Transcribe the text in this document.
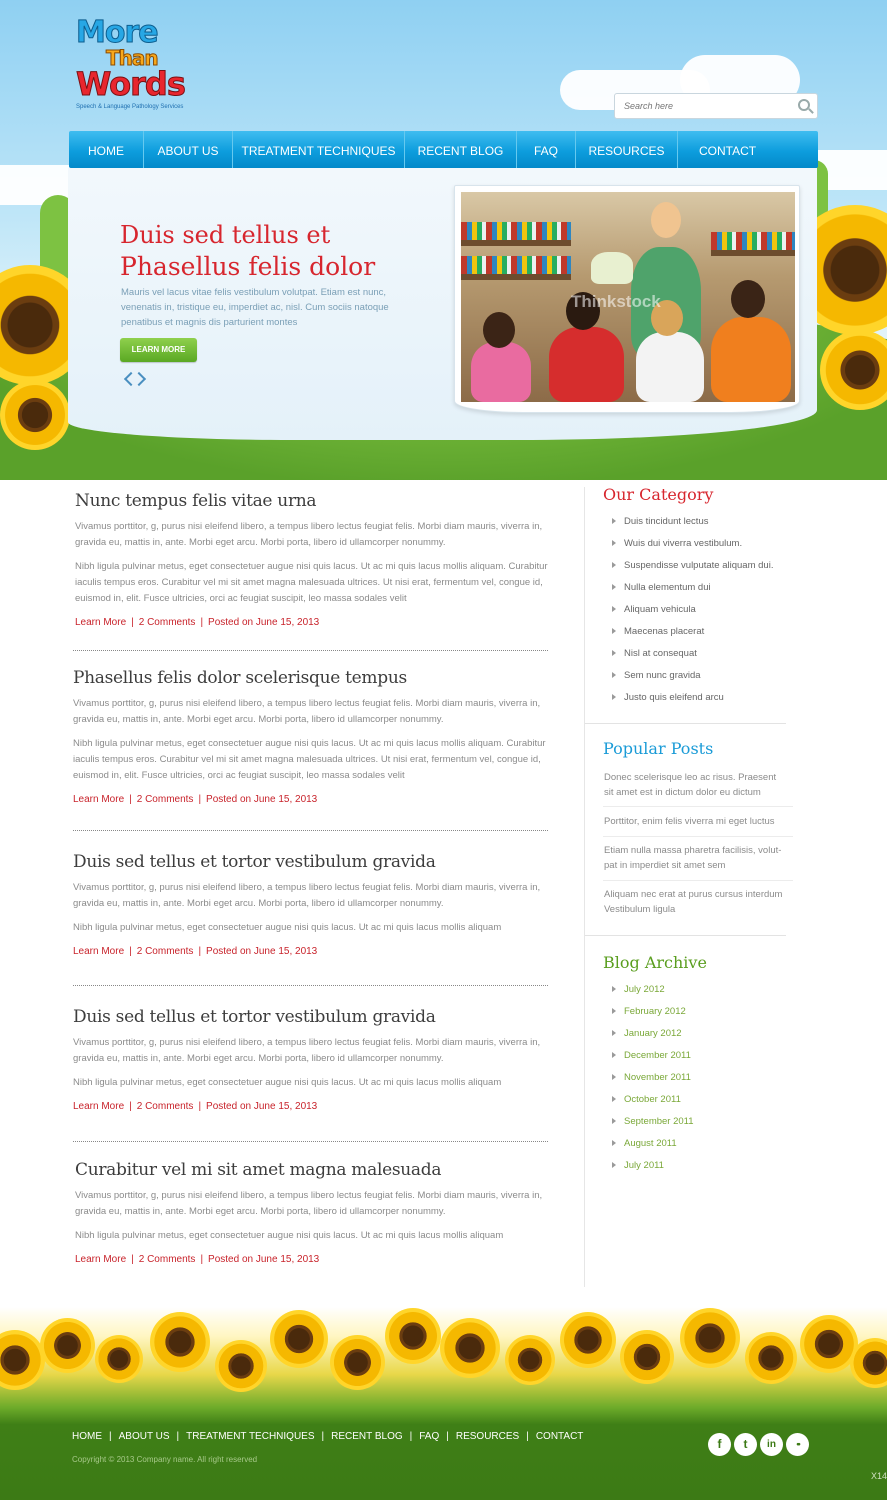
More
Than
Words
Speech & Language Pathology Services
Search here
HOME	ABOUT US	TREATMENT TECHNIQUES	RECENT BLOG	FAQ	RESOURCES	CONTACT
Duis sed tellus et
Phasellus felis dolor
Mauris vel lacus vitae felis vestibulum volutpat. Etiam est nunc, venenatis in, tristique eu, imperdiet ac, nisl. Cum sociis natoque penatibus et magnis dis parturient montes
LEARN MORE
Thinkstock
Nunc tempus felis vitae urna

Vivamus porttitor, g, purus nisi eleifend libero, a tempus libero lectus feugiat felis. Morbi diam mauris, viverra in, gravida eu, mattis in, ante. Morbi eget arcu. Morbi porta, libero id ullamcorper nonummy.

Nibh ligula pulvinar metus, eget consectetuer augue nisi quis lacus. Ut ac mi quis lacus mollis aliquam. Curabitur iaculis tempus eros. Curabitur vel mi sit amet magna malesuada ultrices. Ut nisi erat, fermentum vel, congue id, euismod in, elit. Fusce ultricies, orci ac feugiat suscipit, leo massa sodales velit

Learn More | 2 Comments | Posted on June 15, 2013
Phasellus felis dolor scelerisque tempus

Vivamus porttitor, g, purus nisi eleifend libero, a tempus libero lectus feugiat felis. Morbi diam mauris, viverra in, gravida eu, mattis in, ante. Morbi eget arcu. Morbi porta, libero id ullamcorper nonummy.

Nibh ligula pulvinar metus, eget consectetuer augue nisi quis lacus. Ut ac mi quis lacus mollis aliquam. Curabitur iaculis tempus eros. Curabitur vel mi sit amet magna malesuada ultrices. Ut nisi erat, fermentum vel, congue id, euismod in, elit. Fusce ultricies, orci ac feugiat suscipit, leo massa sodales velit

Learn More | 2 Comments | Posted on June 15, 2013
Duis sed tellus et tortor vestibulum gravida

Vivamus porttitor, g, purus nisi eleifend libero, a tempus libero lectus feugiat felis. Morbi diam mauris, viverra in, gravida eu, mattis in, ante. Morbi eget arcu. Morbi porta, libero id ullamcorper nonummy.

Nibh ligula pulvinar metus, eget consectetuer augue nisi quis lacus. Ut ac mi quis lacus mollis aliquam

Learn More | 2 Comments | Posted on June 15, 2013
Duis sed tellus et tortor vestibulum gravida

Vivamus porttitor, g, purus nisi eleifend libero, a tempus libero lectus feugiat felis. Morbi diam mauris, viverra in, gravida eu, mattis in, ante. Morbi eget arcu. Morbi porta, libero id ullamcorper nonummy.

Nibh ligula pulvinar metus, eget consectetuer augue nisi quis lacus. Ut ac mi quis lacus mollis aliquam

Learn More | 2 Comments | Posted on June 15, 2013
Curabitur vel mi sit amet magna malesuada

Vivamus porttitor, g, purus nisi eleifend libero, a tempus libero lectus feugiat felis. Morbi diam mauris, viverra in, gravida eu, mattis in, ante. Morbi eget arcu. Morbi porta, libero id ullamcorper nonummy.

Nibh ligula pulvinar metus, eget consectetuer augue nisi quis lacus. Ut ac mi quis lacus mollis aliquam

Learn More | 2 Comments | Posted on June 15, 2013
Our Category
Duis tincidunt lectus
Wuis dui viverra vestibulum.
Suspendisse vulputate aliquam dui.
Nulla elementum dui
Aliquam vehicula
Maecenas placerat
Nisl at consequat
Sem nunc gravida
Justo quis eleifend arcu
Popular Posts
Donec scelerisque leo ac risus. Praesent sit amet est in dictum dolor eu dictum
Porttitor, enim felis viverra mi eget luctus
Etiam nulla massa pharetra facilisis, volut-pat in imperdiet sit amet sem
Aliquam nec erat at purus cursus interdum Vestibulum ligula
Blog Archive
July 2012
February 2012
January 2012
December 2011
November 2011
October 2011
September 2011
August 2011
July 2011
HOME | ABOUT US | TREATMENT TECHNIQUES | RECENT BLOG | FAQ | RESOURCES | CONTACT
Copyright © 2013 Company name. All right reserved
f	t	in	••
X14
